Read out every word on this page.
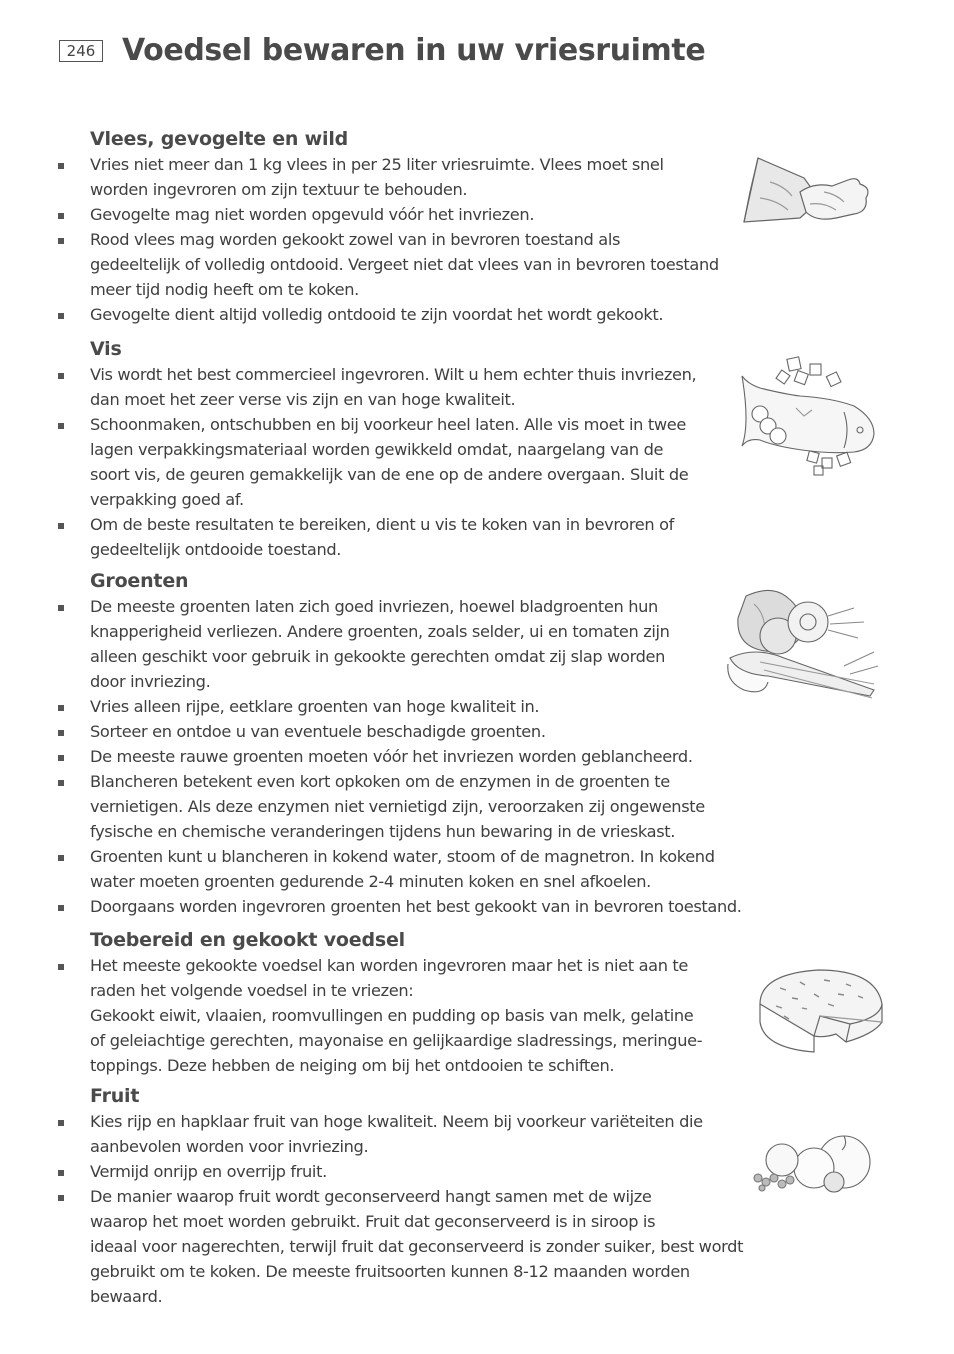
246 Voedsel bewaren in uw vriesruimte
Vlees, gevogelte en wild
Vries niet meer dan 1 kg vlees in per 25 liter vriesruimte. Vlees moet snel
worden ingevroren om zijn textuur te behouden.
Gevogelte mag niet worden opgevuld vóór het invriezen.
Rood vlees mag worden gekookt zowel van in bevroren toestand als
gedeeltelijk of volledig ontdooid. Vergeet niet dat vlees van in bevroren toestand
meer tijd nodig heeft om te koken.
Gevogelte dient altijd volledig ontdooid te zijn voordat het wordt gekookt.
Vis
Vis wordt het best commercieel ingevroren. Wilt u hem echter thuis invriezen,
dan moet het zeer verse vis zijn en van hoge kwaliteit.
Schoonmaken, ontschubben en bij voorkeur heel laten. Alle vis moet in twee
lagen verpakkingsmateriaal worden gewikkeld omdat, naargelang van de
soort vis, de geuren gemakkelijk van de ene op de andere overgaan. Sluit de
verpakking goed af.
Om de beste resultaten te bereiken, dient u vis te koken van in bevroren of
gedeeltelijk ontdooide toestand.
Groenten
De meeste groenten laten zich goed invriezen, hoewel bladgroenten hun
knapperigheid verliezen. Andere groenten, zoals selder, ui en tomaten zijn
alleen geschikt voor gebruik in gekookte gerechten omdat zij slap worden
door invriezing.
Vries alleen rijpe, eetklare groenten van hoge kwaliteit in.
Sorteer en ontdoe u van eventuele beschadigde groenten.
De meeste rauwe groenten moeten vóór het invriezen worden geblancheerd.
Blancheren betekent even kort opkoken om de enzymen in de groenten te
vernietigen. Als deze enzymen niet vernietigd zijn, veroorzaken zij ongewenste
fysische en chemische veranderingen tijdens hun bewaring in de vrieskast.
Groenten kunt u blancheren in kokend water, stoom of de magnetron. In kokend
water moeten groenten gedurende 2-4 minuten koken en snel afkoelen.
Doorgaans worden ingevroren groenten het best gekookt van in bevroren toestand.
Toebereid en gekookt voedsel
Het meeste gekookte voedsel kan worden ingevroren maar het is niet aan te
raden het volgende voedsel in te vriezen:
Gekookt eiwit, vlaaien, roomvullingen en pudding op basis van melk, gelatine
of geleiachtige gerechten, mayonaise en gelijkaardige sladressings, meringue-
toppings. Deze hebben de neiging om bij het ontdooien te schiften.
Fruit
Kies rijp en hapklaar fruit van hoge kwaliteit. Neem bij voorkeur variëteiten die
aanbevolen worden voor invriezing.
Vermijd onrijp en overrijp fruit.
De manier waarop fruit wordt geconserveerd hangt samen met de wijze
waarop het moet worden gebruikt. Fruit dat geconserveerd is in siroop is
ideaal voor nagerechten, terwijl fruit dat geconserveerd is zonder suiker, best wordt
gebruikt om te koken. De meeste fruitsoorten kunnen 8-12 maanden worden
bewaard.
